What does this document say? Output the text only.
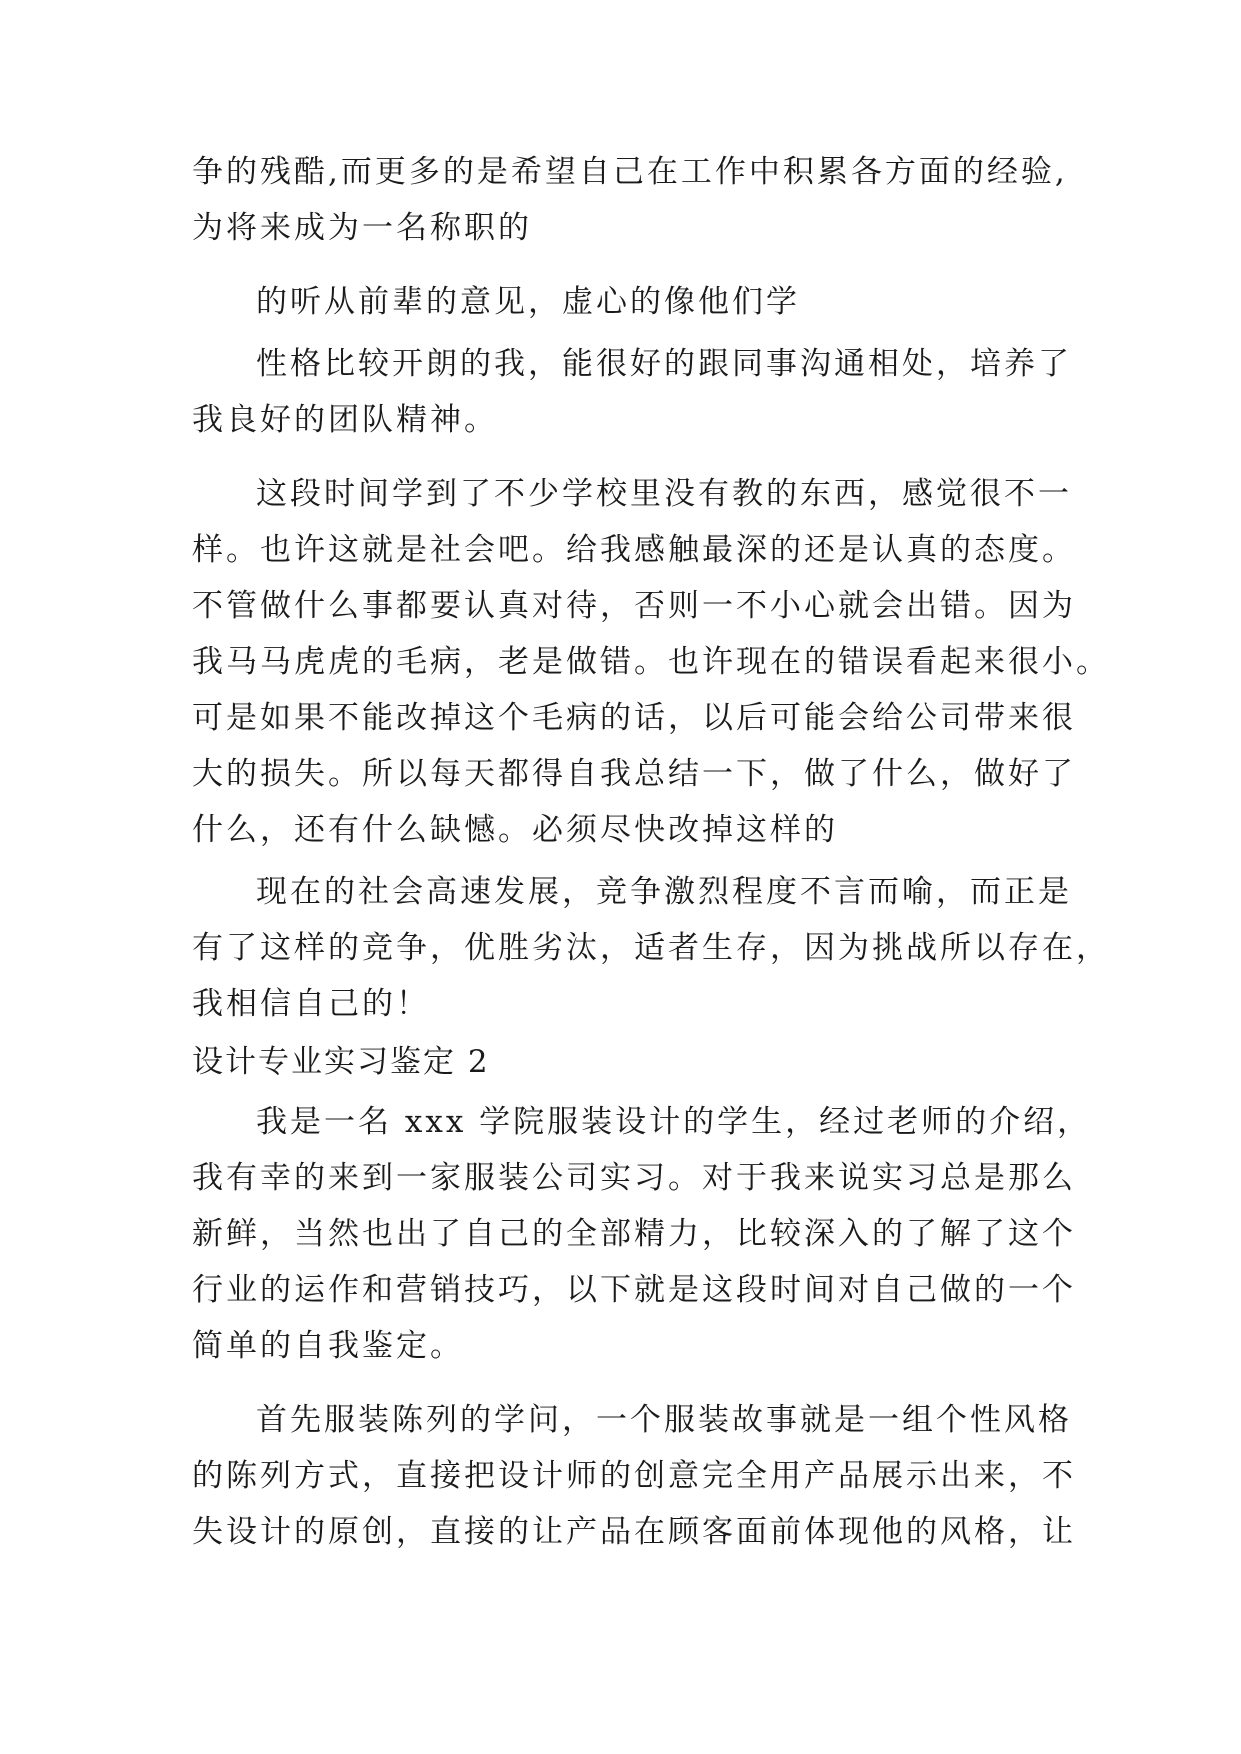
争的残酷,而更多的是希望自己在工作中积累各方面的经验,
为将来成为一名称职的
的听从前辈的意见，虚心的像他们学
性格比较开朗的我，能很好的跟同事沟通相处，培养了
我良好的团队精神。
这段时间学到了不少学校里没有教的东西，感觉很不一
样。也许这就是社会吧。给我感触最深的还是认真的态度。
不管做什么事都要认真对待，否则一不小心就会出错。因为
我马马虎虎的毛病，老是做错。也许现在的错误看起来很小。
可是如果不能改掉这个毛病的话，以后可能会给公司带来很
大的损失。所以每天都得自我总结一下，做了什么，做好了
什么，还有什么缺憾。必须尽快改掉这样的
现在的社会高速发展，竞争激烈程度不言而喻，而正是
有了这样的竞争，优胜劣汰，适者生存，因为挑战所以存在，
我相信自己的！
设计专业实习鉴定 2
我是一名 xxx 学院服装设计的学生，经过老师的介绍，
我有幸的来到一家服装公司实习。对于我来说实习总是那么
新鲜，当然也出了自己的全部精力，比较深入的了解了这个
行业的运作和营销技巧，以下就是这段时间对自己做的一个
简单的自我鉴定。
首先服装陈列的学问，一个服装故事就是一组个性风格
的陈列方式，直接把设计师的创意完全用产品展示出来，不
失设计的原创，直接的让产品在顾客面前体现他的风格，让
